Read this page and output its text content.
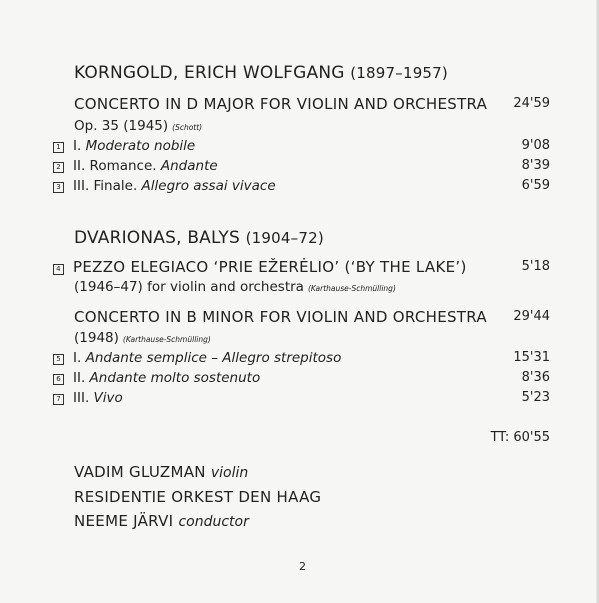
KORNGOLD, ERICH WOLFGANG (1897–1957)
CONCERTO IN D MAJOR FOR VIOLIN AND ORCHESTRA	24'59
Op. 35 (1945) (Schott)
1 I. Moderato nobile	9'08
2 II. Romance. Andante	8'39
3 III. Finale. Allegro assai vivace	6'59
DVARIONAS, BALYS (1904–72)
4 PEZZO ELEGIACO ‘PRIE EŽERĖLIO’ (‘BY THE LAKE’)	5'18
(1946–47) for violin and orchestra (Karthause-Schmülling)
CONCERTO IN B MINOR FOR VIOLIN AND ORCHESTRA	29'44
(1948) (Karthause-Schmülling)
5 I. Andante semplice – Allegro strepitoso	15'31
6 II. Andante molto sostenuto	8'36
7 III. Vivo	5'23
TT: 60'55
VADIM GLUZMAN violin
RESIDENTIE ORKEST DEN HAAG
NEEME JÄRVI conductor
2
